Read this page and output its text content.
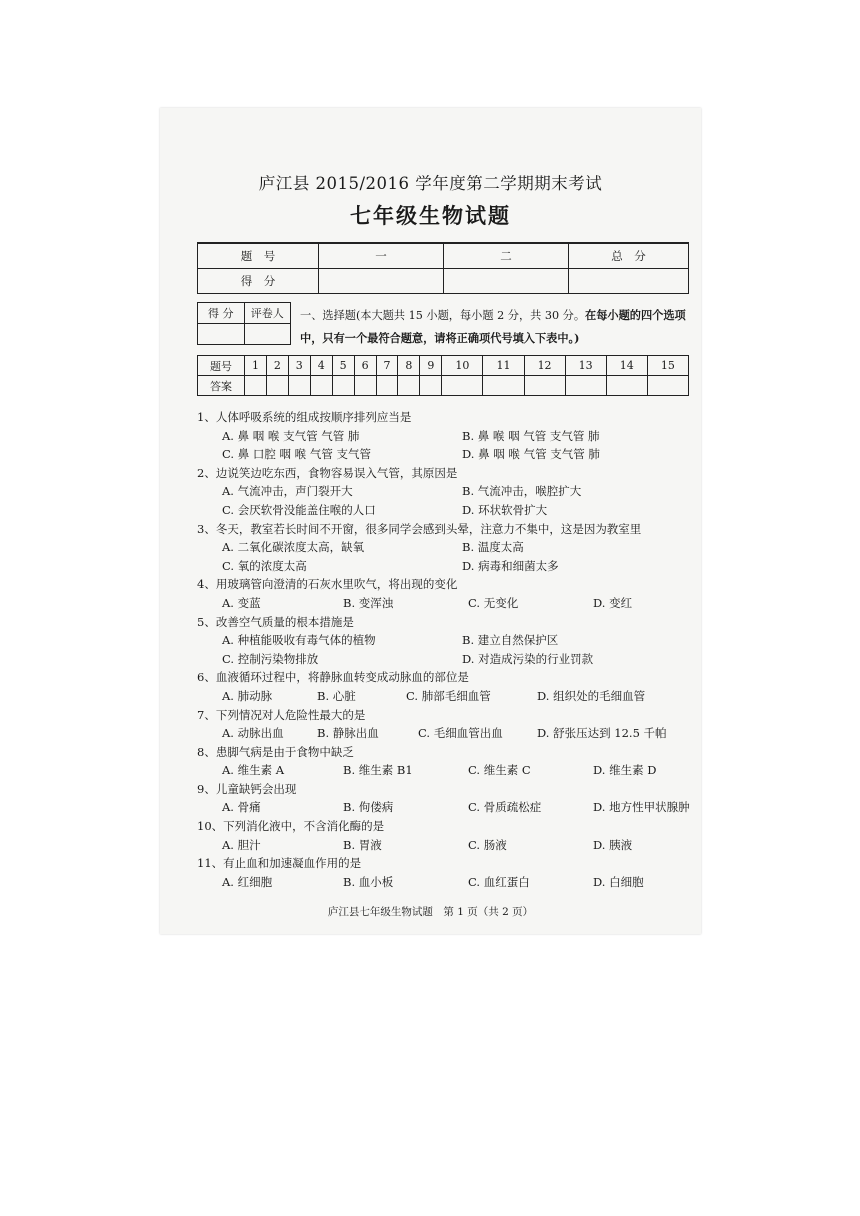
庐江县 2015/2016 学年度第二学期期末考试
七年级生物试题
题　号	一	二	总　分
得　分			
得 分	评卷人
	一、选择题(本大题共 15 小题，每小题 2 分，共 30 分。在每小题的四个选项中，只有一个最符合题意，请将正确项代号填入下表中。)
题号	1	2	3	4	5	6	7	8	9	10	11	12	13	14	15
答案															
1、人体呼吸系统的组成按顺序排列应当是
A. 鼻 咽 喉 支气管 气管 肺	B. 鼻 喉 咽 气管 支气管 肺
C. 鼻 口腔 咽 喉 气管 支气管	D. 鼻 咽 喉 气管 支气管 肺
2、边说笑边吃东西，食物容易误入气管，其原因是
A. 气流冲击，声门裂开大	B. 气流冲击，喉腔扩大
C. 会厌软骨没能盖住喉的人口	D. 环状软骨扩大
3、冬天，教室若长时间不开窗，很多同学会感到头晕，注意力不集中，这是因为教室里
A. 二氧化碳浓度太高，缺氧	B. 温度太高
C. 氧的浓度太高	D. 病毒和细菌太多
4、用玻璃管向澄清的石灰水里吹气，将出现的变化
A. 变蓝	B. 变浑浊	C. 无变化	D. 变红
5、改善空气质量的根本措施是
A. 种植能吸收有毒气体的植物	B. 建立自然保护区
C. 控制污染物排放	D. 对造成污染的行业罚款
6、血液循环过程中，将静脉血转变成动脉血的部位是
A. 肺动脉	B. 心脏	C. 肺部毛细血管	D. 组织处的毛细血管
7、下列情况对人危险性最大的是
A. 动脉出血	B. 静脉出血	C. 毛细血管出血	D. 舒张压达到 12.5 千帕
8、患脚气病是由于食物中缺乏
A. 维生素 A	B. 维生素 B1	C. 维生素 C	D. 维生素 D
9、儿童缺钙会出现
A. 骨痛	B. 佝偻病	C. 骨质疏松症	D. 地方性甲状腺肿
10、下列消化液中，不含消化酶的是
A. 胆汁	B. 胃液	C. 肠液	D. 胰液
11、有止血和加速凝血作用的是
A. 红细胞	B. 血小板	C. 血红蛋白	D. 白细胞
庐江县七年级生物试题　第 1 页（共 2 页）
